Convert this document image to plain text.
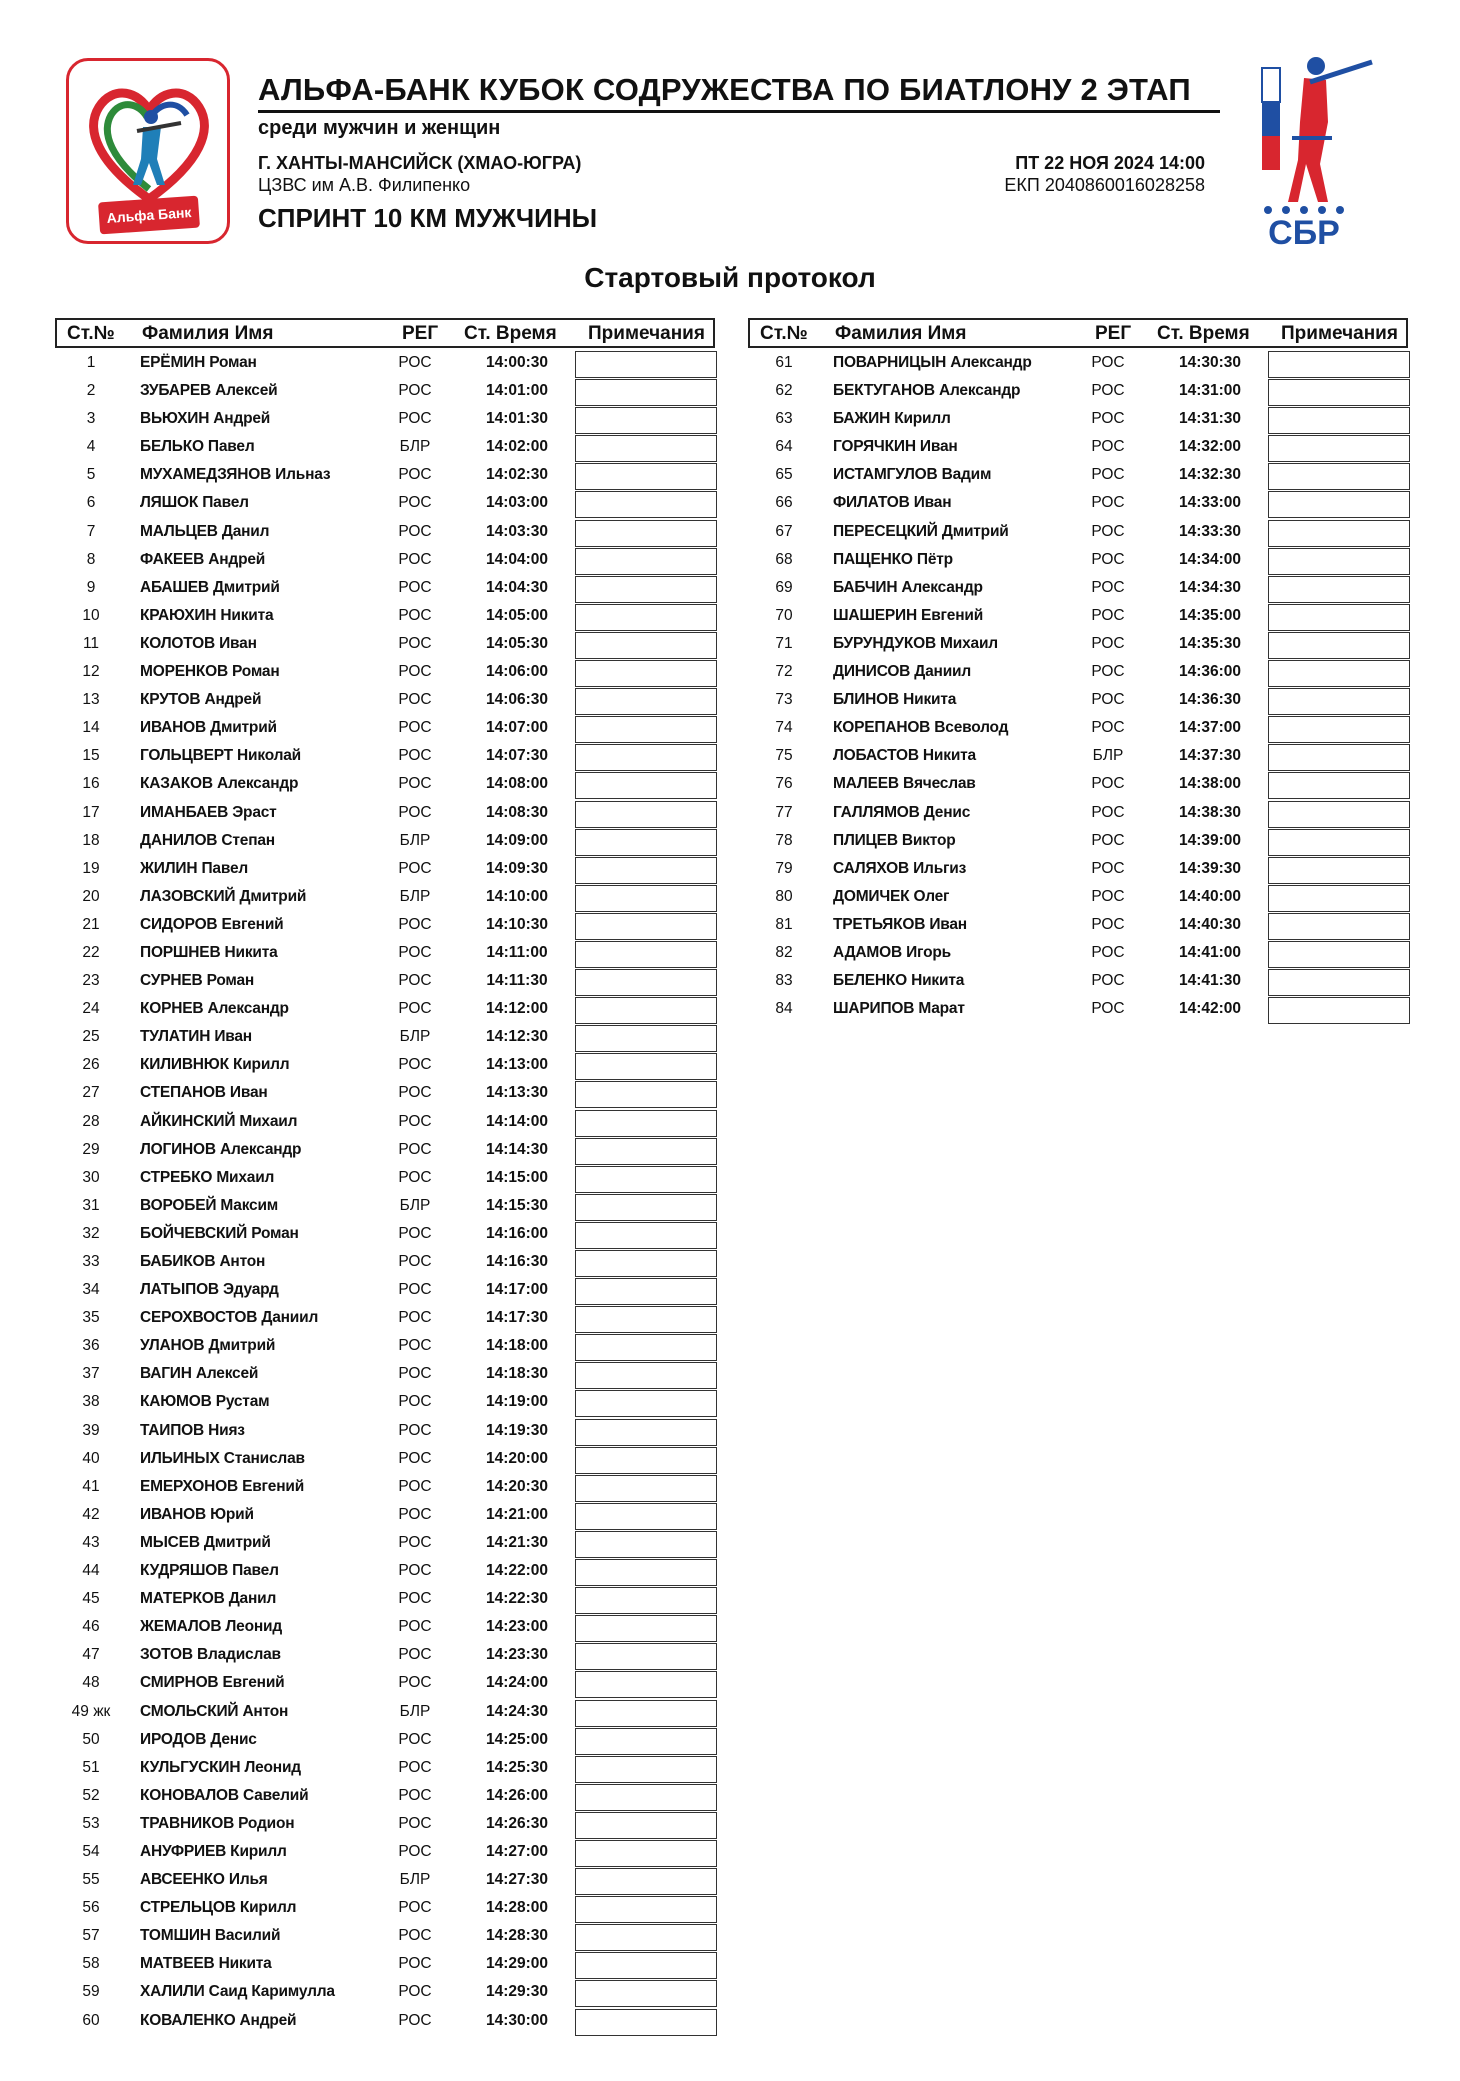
Альфа Банк
АЛЬФА-БАНК КУБОК СОДРУЖЕСТВА ПО БИАТЛОНУ 2 ЭТАП
среди мужчин и женщин
Г. ХАНТЫ-МАНСИЙСК (ХМАО-ЮГРА)
ЦЗВС им А.В. Филипенко
ПТ 22 НОЯ 2024 14:00
ЕКП 2040860016028258
СПРИНТ 10 КМ МУЖЧИНЫ	СБР
Стартовый протокол
Ст.№ Фамилия Имя	РЕГ Ст. Время Примечания
1	ЕРЁМИН Роман	РОС	14:00:30
2	ЗУБАРЕВ Алексей	РОС	14:01:00
3	ВЬЮХИН Андрей	РОС	14:01:30
4	БЕЛЬКО Павел	БЛР	14:02:00
5	МУХАМЕДЗЯНОВ Ильназ	РОС	14:02:30
6	ЛЯШОК Павел	РОС	14:03:00
7	МАЛЬЦЕВ Данил	РОС	14:03:30
8	ФАКЕЕВ Андрей	РОС	14:04:00
9	АБАШЕВ Дмитрий	РОС	14:04:30
10	КРАЮХИН Никита	РОС	14:05:00
11	КОЛОТОВ Иван	РОС	14:05:30
12	МОРЕНКОВ Роман	РОС	14:06:00
13	КРУТОВ Андрей	РОС	14:06:30
14	ИВАНОВ Дмитрий	РОС	14:07:00
15	ГОЛЬЦВЕРТ Николай	РОС	14:07:30
16	КАЗАКОВ Александр	РОС	14:08:00
17	ИМАНБАЕВ Эраст	РОС	14:08:30
18	ДАНИЛОВ Степан	БЛР	14:09:00
19	ЖИЛИН Павел	РОС	14:09:30
20	ЛАЗОВСКИЙ Дмитрий	БЛР	14:10:00
21	СИДОРОВ Евгений	РОС	14:10:30
22	ПОРШНЕВ Никита	РОС	14:11:00
23	СУРНЕВ Роман	РОС	14:11:30
24	КОРНЕВ Александр	РОС	14:12:00
25	ТУЛАТИН Иван	БЛР	14:12:30
26	КИЛИВНЮК Кирилл	РОС	14:13:00
27	СТЕПАНОВ Иван	РОС	14:13:30
28	АЙКИНСКИЙ Михаил	РОС	14:14:00
29	ЛОГИНОВ Александр	РОС	14:14:30
30	СТРЕБКО Михаил	РОС	14:15:00
31	ВОРОБЕЙ Максим	БЛР	14:15:30
32	БОЙЧЕВСКИЙ Роман	РОС	14:16:00
33	БАБИКОВ Антон	РОС	14:16:30
34	ЛАТЫПОВ Эдуард	РОС	14:17:00
35	СЕРОХВОСТОВ Даниил	РОС	14:17:30
36	УЛАНОВ Дмитрий	РОС	14:18:00
37	ВАГИН Алексей	РОС	14:18:30
38	КАЮМОВ Рустам	РОС	14:19:00
39	ТАИПОВ Нияз	РОС	14:19:30
40	ИЛЬИНЫХ Станислав	РОС	14:20:00
41	ЕМЕРХОНОВ Евгений	РОС	14:20:30
42	ИВАНОВ Юрий	РОС	14:21:00
43	МЫСЕВ Дмитрий	РОС	14:21:30
44	КУДРЯШОВ Павел	РОС	14:22:00
45	МАТЕРКОВ Данил	РОС	14:22:30
46	ЖЕМАЛОВ Леонид	РОС	14:23:00
47	ЗОТОВ Владислав	РОС	14:23:30
48	СМИРНОВ Евгений	РОС	14:24:00
49 жк	СМОЛЬСКИЙ Антон	БЛР	14:24:30
50	ИРОДОВ Денис	РОС	14:25:00
51	КУЛЬГУСКИН Леонид	РОС	14:25:30
52	КОНОВАЛОВ Савелий	РОС	14:26:00
53	ТРАВНИКОВ Родион	РОС	14:26:30
54	АНУФРИЕВ Кирилл	РОС	14:27:00
55	АВСЕЕНКО Илья	БЛР	14:27:30
56	СТРЕЛЬЦОВ Кирилл	РОС	14:28:00
57	ТОМШИН Василий	РОС	14:28:30
58	МАТВЕЕВ Никита	РОС	14:29:00
59	ХАЛИЛИ Саид Каримулла	РОС	14:29:30
60	КОВАЛЕНКО Андрей	РОС	14:30:00
Ст.№ Фамилия Имя	РЕГ Ст. Время Примечания
61	ПОВАРНИЦЫН Александр	РОС	14:30:30
62	БЕКТУГАНОВ Александр	РОС	14:31:00
63	БАЖИН Кирилл	РОС	14:31:30
64	ГОРЯЧКИН Иван	РОС	14:32:00
65	ИСТАМГУЛОВ Вадим	РОС	14:32:30
66	ФИЛАТОВ Иван	РОС	14:33:00
67	ПЕРЕСЕЦКИЙ Дмитрий	РОС	14:33:30
68	ПАЩЕНКО Пётр	РОС	14:34:00
69	БАБЧИН Александр	РОС	14:34:30
70	ШАШЕРИН Евгений	РОС	14:35:00
71	БУРУНДУКОВ Михаил	РОС	14:35:30
72	ДИНИСОВ Даниил	РОС	14:36:00
73	БЛИНОВ Никита	РОС	14:36:30
74	КОРЕПАНОВ Всеволод	РОС	14:37:00
75	ЛОБАСТОВ Никита	БЛР	14:37:30
76	МАЛЕЕВ Вячеслав	РОС	14:38:00
77	ГАЛЛЯМОВ Денис	РОС	14:38:30
78	ПЛИЦЕВ Виктор	РОС	14:39:00
79	САЛЯХОВ Ильгиз	РОС	14:39:30
80	ДОМИЧЕК Олег	РОС	14:40:00
81	ТРЕТЬЯКОВ Иван	РОС	14:40:30
82	АДАМОВ Игорь	РОС	14:41:00
83	БЕЛЕНКО Никита	РОС	14:41:30
84	ШАРИПОВ Марат	РОС	14:42:00
